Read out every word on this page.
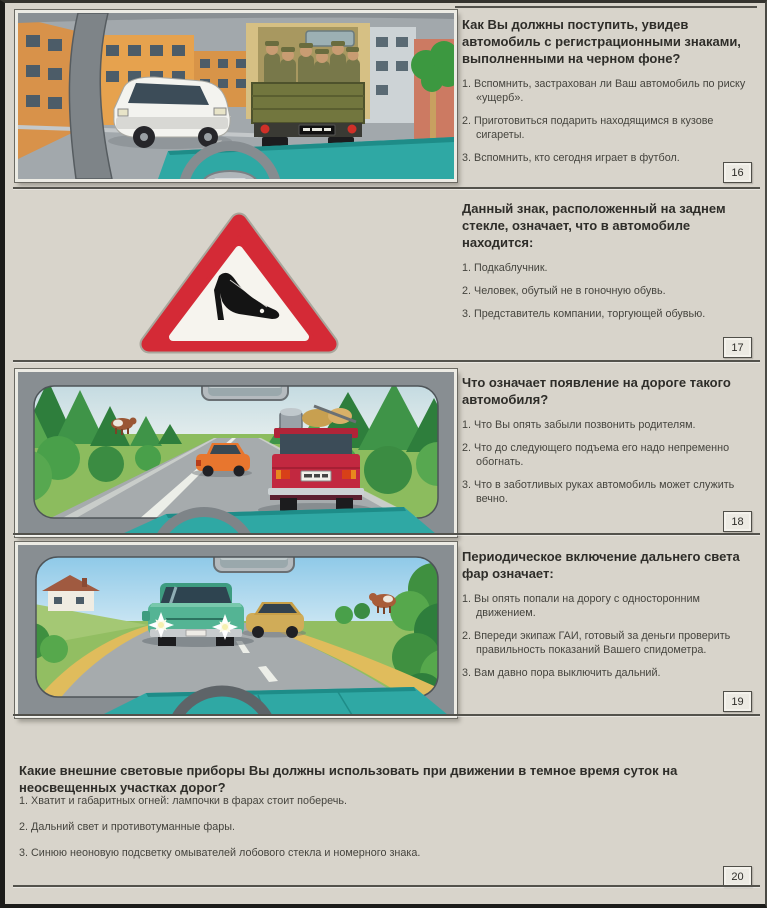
Как Вы должны поступить, увидев автомобиль с регистрационными знаками, выполненными на черном фоне?

1. Вспомнить, застрахован ли Ваш автомобиль по риску «ущерб».

2. Приготовиться подарить находящимся в кузове сигареты.

3. Вспомнить, кто сегодня играет в футбол.

16
Данный знак, расположенный на заднем стекле, означает, что в автомобиле находится:

1. Подкаблучник.

2. Человек, обутый не в гоночную обувь.

3. Представитель компании, торгующей обувью.

17
Что означает появление на дороге такого автомобиля?

1. Что Вы опять забыли позвонить родителям.

2. Что до следующего подъема его надо непременно обогнать.

3. Что в заботливых руках автомобиль может служить вечно.

18
Периодическое включение дальнего света фар означает:

1. Вы опять попали на дорогу с односторонним движением.

2. Впереди экипаж ГАИ, готовый за деньги проверить правильность показаний Вашего спидометра.

3. Вам давно пора выключить дальний.

19
Какие внешние световые приборы Вы должны использовать при движении в темное время суток на неосвещенных участках дорог?

1. Хватит и габаритных огней: лампочки в фарах стоит поберечь.

2. Дальний свет и противотуманные фары.

3. Синюю неоновую подсветку омывателей лобового стекла и номерного знака.

20
